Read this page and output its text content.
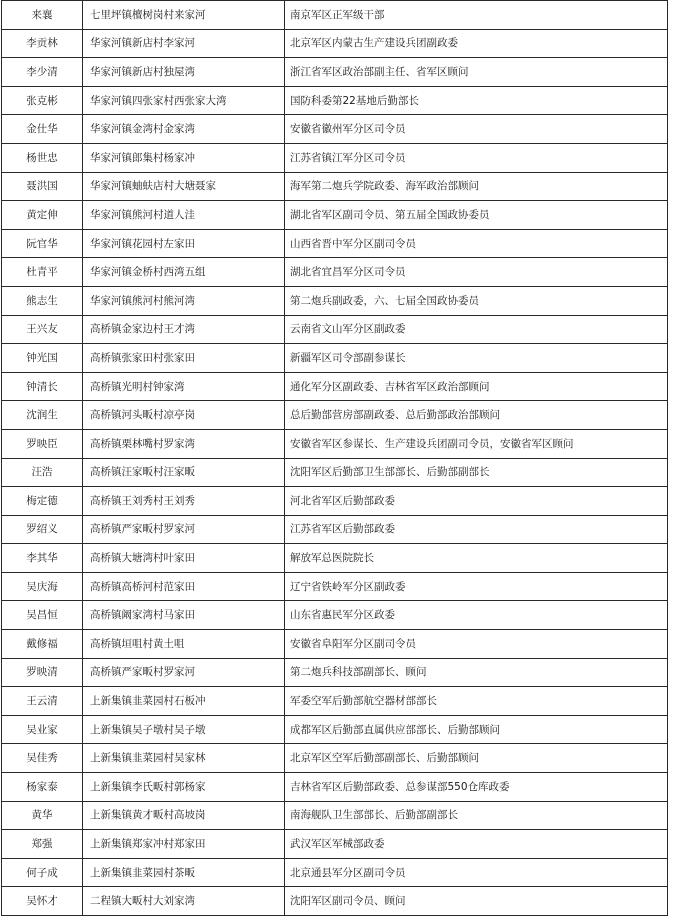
来襄	七里坪镇檀树岗村来家河	南京军区正军级干部
李贡林	华家河镇新店村李家河	北京军区内蒙古生产建设兵团副政委
李少清	华家河镇新店村独屋湾	浙江省军区政治部副主任、省军区顾问
张克彬	华家河镇四张家村西张家大湾	国防科委第22基地后勤部长
金仕华	华家河镇金湾村金家湾	安徽省徽州军分区司令员
杨世忠	华家河镇郎集村杨家冲	江苏省镇江军分区司令员
聂洪国	华家河镇蚰蚨店村大塘聂家	海军第二炮兵学院政委、海军政治部顾问
黄定伸	华家河镇熊河村道人洼	湖北省军区副司令员、第五届全国政协委员
阮官华	华家河镇花园村左家田	山西省晋中军分区副司令员
杜青平	华家河镇金桥村西湾五组	湖北省宜昌军分区司令员
熊志生	华家河镇熊河村熊河湾	第二炮兵副政委，六、七届全国政协委员
王兴友	高桥镇金家边村王才湾	云南省文山军分区副政委
钟光国	高桥镇张家田村张家田	新疆军区司令部副参谋长
钟清长	高桥镇光明村钟家湾	通化军分区副政委、吉林省军区政治部顾问
沈润生	高桥镇河头畈村凉亭岗	总后勤部营房部副政委、总后勤部政治部顾问
罗映臣	高桥镇栗林嘴村罗家湾	安徽省军区参谋长、生产建设兵团副司令员，安徽省军区顾问
汪浩	高桥镇汪家畈村汪家畈	沈阳军区后勤部卫生部部长、后勤部副部长
梅定德	高桥镇王刘秀村王刘秀	河北省军区后勤部政委
罗绍义	高桥镇严家畈村罗家河	江苏省军区后勤部政委
李其华	高桥镇大塘湾村叶家田	解放军总医院院长
吴庆海	高桥镇高桥河村范家田	辽宁省铁岭军分区副政委
吴昌恒	高桥镇阚家湾村马家田	山东省惠民军分区政委
戴修福	高桥镇垣咀村黄土咀	安徽省阜阳军分区副司令员
罗映清	高桥镇严家畈村罗家河	第二炮兵科技部副部长、顾问
王云清	上新集镇韭菜园村石板冲	军委空军后勤部航空器材部部长
吴业家	上新集镇吴子墩村吴子墩	成都军区后勤部直属供应部部长、后勤部顾问
吴佳秀	上新集镇韭菜园村吴家林	北京军区空军后勤部副部长、后勤部顾问
杨家泰	上新集镇李氏畈村郭杨家	吉林省军区后勤部政委、总参谋部550仓库政委
黄华	上新集镇黄才畈村高坡岗	南海舰队卫生部部长、后勤部副部长
郑强	上新集镇郑家冲村郑家田	武汉军区军械部政委
何子成	上新集镇韭菜园村茶畈	北京通县军分区副司令员
吴怀才	二程镇大畈村大刘家湾	沈阳军区副司令员、顾问
